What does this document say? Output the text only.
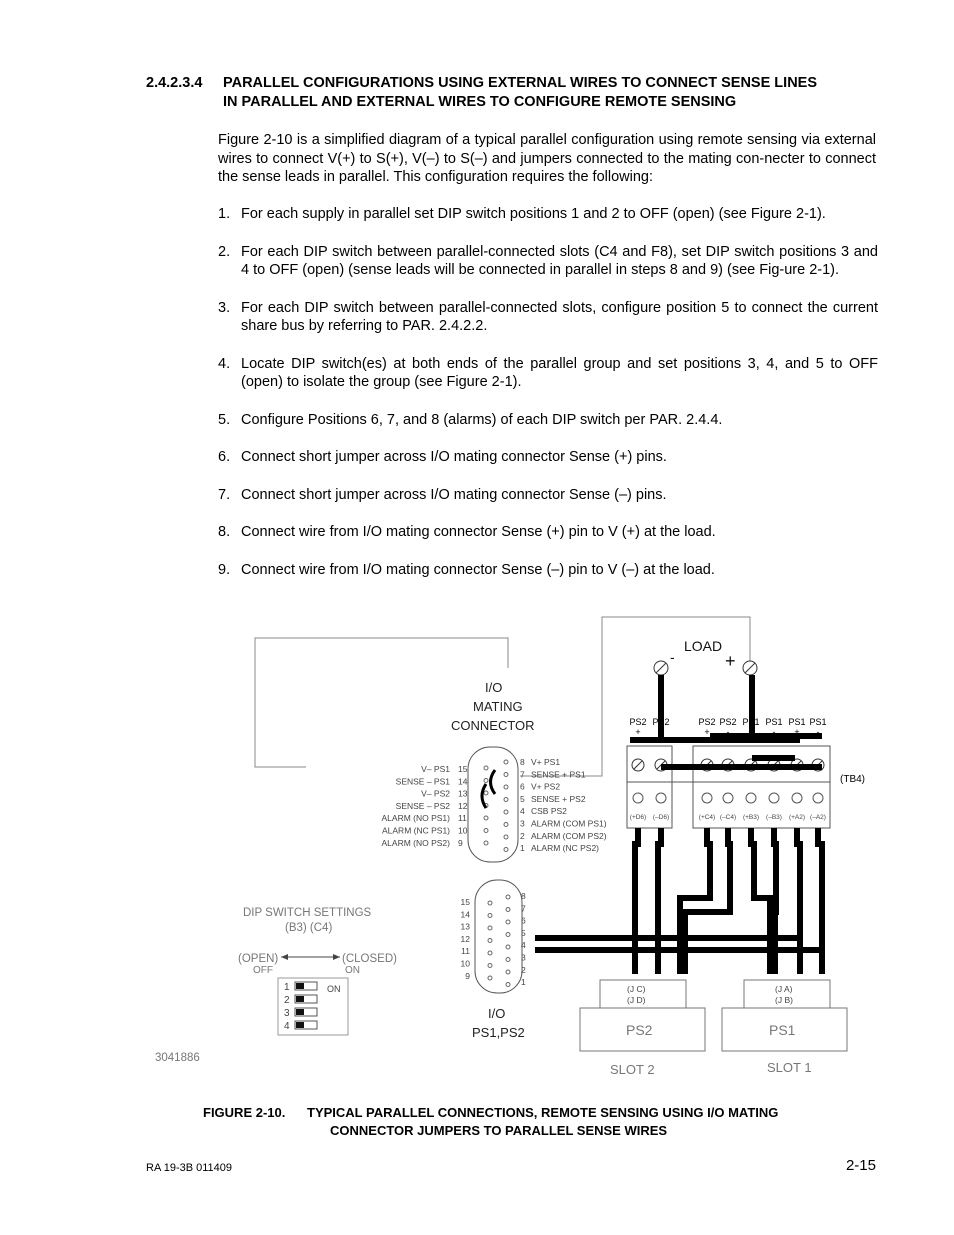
2.4.2.3.4 PARALLEL CONFIGURATIONS USING EXTERNAL WIRES TO CONNECT SENSE LINES
IN PARALLEL AND EXTERNAL WIRES TO CONFIGURE REMOTE SENSING
Figure 2-10 is a simplified diagram of a typical parallel configuration using remote sensing via external wires to connect V(+) to S(+), V(–) to S(–) and jumpers connected to the mating con-necter to connect the sense leads in parallel. This configuration requires the following:
1. For each supply in parallel set DIP switch positions 1 and 2 to OFF (open) (see Figure 2-1).
2. For each DIP switch between parallel-connected slots (C4 and F8), set DIP switch positions 3 and 4 to OFF (open) (sense leads will be connected in parallel in steps 8 and 9) (see Fig-ure 2-1).
3. For each DIP switch between parallel-connected slots, configure position 5 to connect the current share bus by referring to PAR. 2.4.2.2.
4. Locate DIP switch(es) at both ends of the parallel group and set positions 3, 4, and 5 to OFF (open) to isolate the group (see Figure 2-1).
5. Configure Positions 6, 7, and 8 (alarms) of each DIP switch per PAR. 2.4.4.
6. Connect short jumper across I/O mating connector Sense (+) pins.
7. Connect short jumper across I/O mating connector Sense (–) pins.
8. Connect wire from I/O mating connector Sense (+) pin to V (+) at the load.
9. Connect wire from I/O mating connector Sense (–) pin to V (–) at the load.
-
LOAD
+
I/O
MATING
CONNECTOR
V– PS1 15
SENSE – PS1 14
V– PS2 13
SENSE – PS2 12
ALARM (NO PS1) 11
ALARM (NC PS1) 10
ALARM (NO PS2) 9
8 V+ PS1
7 SENSE + PS1
6 V+ PS2
5 SENSE + PS2
4 CSB PS2
3 ALARM (COM PS1)
2 ALARM (COM PS2)
1 ALARM (NC PS2)
(+D6) (–D6)	(+C4) (–C4) (+B3) (–B3) (+A2) (–A2)
PS2
+
PS2
-
PS2
+
PS2
-
PS1
+
PS1
-
PS1
+
PS1
-
(TB4)
15
14
13
12
11
10
9
8
7
6
5
4
3
2
1
I/O
PS1,PS2
DIP SWITCH SETTINGS
(B3) (C4)
(OPEN)	(CLOSED)
OFF	ON
1
2
3
4
ON	(J C)
(J D)
(J A)
(J B)
PS2	PS1
SLOT 2	SLOT 1
3041886
FIGURE 2-10. TYPICAL PARALLEL CONNECTIONS, REMOTE SENSING USING I/O MATING
CONNECTOR JUMPERS TO PARALLEL SENSE WIRES
RA 19-3B 011409	2-15
